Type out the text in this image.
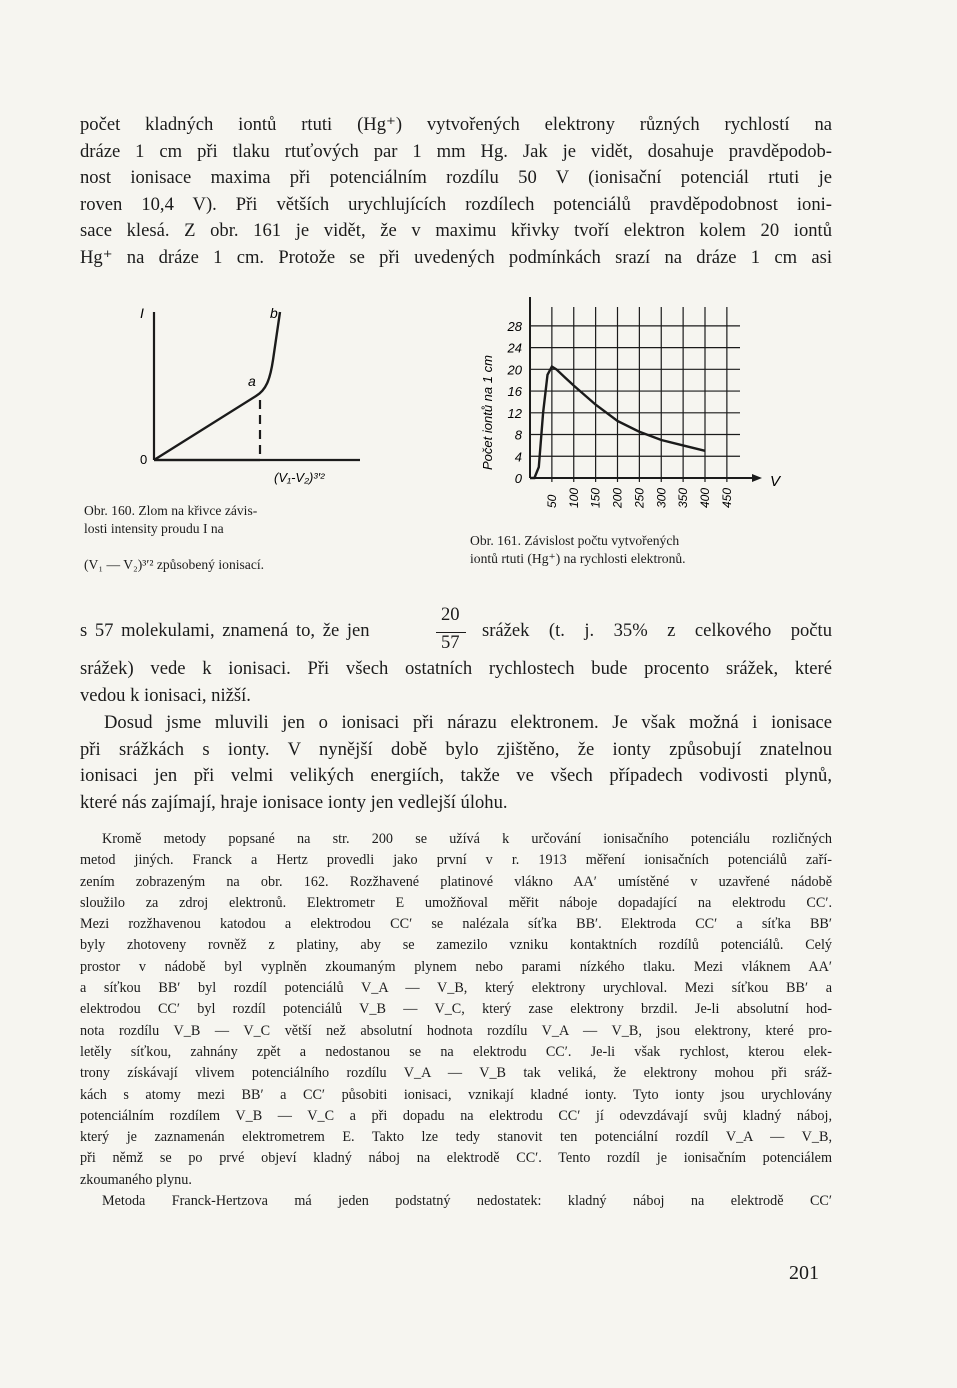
počet kladných iontů rtuti (Hg⁺) vytvořených elektrony různých rychlostí na
dráze 1 cm při tlaku rtuťových par 1 mm Hg. Jak je vidět, dosahuje pravděpodob-
nost ionisace maxima při potenciálním rozdílu 50 V (ionisační potenciál rtuti je
roven 10,4 V). Při větších urychlujících rozdílech potenciálů pravděpodobnost ioni-
sace klesá. Z obr. 161 je vidět, že v maximu křivky tvoří elektron kolem 20 iontů
Hg⁺ na dráze 1 cm. Protože se při uvedených podmínkách srazí na dráze 1 cm asi
I	b
a
0
(V₁-V₂)³′²
Obr. 160. Zlom na křivce závis-
losti intensity proudu I na
(V₁ — V₂)³′² způsobený ionisací.
0
4
8
12
16
20
24
28
50 100 150 200 250 300 350 400 450
Počet iontů na 1 cm
V
Obr. 161. Závislost počtu vytvořených
iontů rtuti (Hg⁺) na rychlosti elektronů.
s 57 molekulami, znamená to, že jen
20
57
srážek (t. j. 35% z celkového počtu
srážek) vede k ionisaci. Při všech ostatních rychlostech bude procento srážek, které
vedou k ionisaci, nižší.
Dosud jsme mluvili jen o ionisaci při nárazu elektronem. Je však možná i ionisace
při srážkách s ionty. V nynější době bylo zjištěno, že ionty způsobují znatelnou
ionisaci jen při velmi velikých energiích, takže ve všech případech vodivosti plynů,
které nás zajímají, hraje ionisace ionty jen vedlejší úlohu.
Kromě metody popsané na str. 200 se užívá k určování ionisačního potenciálu rozličných
metod jiných. Franck a Hertz provedli jako první v r. 1913 měření ionisačních potenciálů zaří-
zením zobrazeným na obr. 162. Rozžhavené platinové vlákno AA′ umístěné v uzavřené nádobě
sloužilo za zdroj elektronů. Elektrometr E umožňoval měřit náboje dopadající na elektrodu CC′.
Mezi rozžhavenou katodou a elektrodou CC′ se nalézala síťka BB′. Elektroda CC′ a síťka BB′
byly zhotoveny rovněž z platiny, aby se zamezilo vzniku kontaktních rozdílů potenciálů. Celý
prostor v nádobě byl vyplněn zkoumaným plynem nebo parami nízkého tlaku. Mezi vláknem AA′
a síťkou BB′ byl rozdíl potenciálů V_A — V_B, který elektrony urychloval. Mezi síťkou BB′ a
elektrodou CC′ byl rozdíl potenciálů V_B — V_C, který zase elektrony brzdil. Je-li absolutní hod-
nota rozdílu V_B — V_C větší než absolutní hodnota rozdílu V_A — V_B, jsou elektrony, které pro-
letěly síťkou, zahnány zpět a nedostanou se na elektrodu CC′. Je-li však rychlost, kterou elek-
trony získávají vlivem potenciálního rozdílu V_A — V_B tak veliká, že elektrony mohou při sráž-
kách s atomy mezi BB′ a CC′ působiti ionisaci, vznikají kladné ionty. Tyto ionty jsou urychlovány
potenciálním rozdílem V_B — V_C a při dopadu na elektrodu CC′ jí odevzdávají svůj kladný náboj,
který je zaznamenán elektrometrem E. Takto lze tedy stanovit ten potenciální rozdíl V_A — V_B,
při němž se po prvé objeví kladný náboj na elektrodě CC′. Tento rozdíl je ionisačním potenciálem
zkoumaného plynu.
Metoda Franck-Hertzova má jeden podstatný nedostatek: kladný náboj na elektrodě CC′
201
